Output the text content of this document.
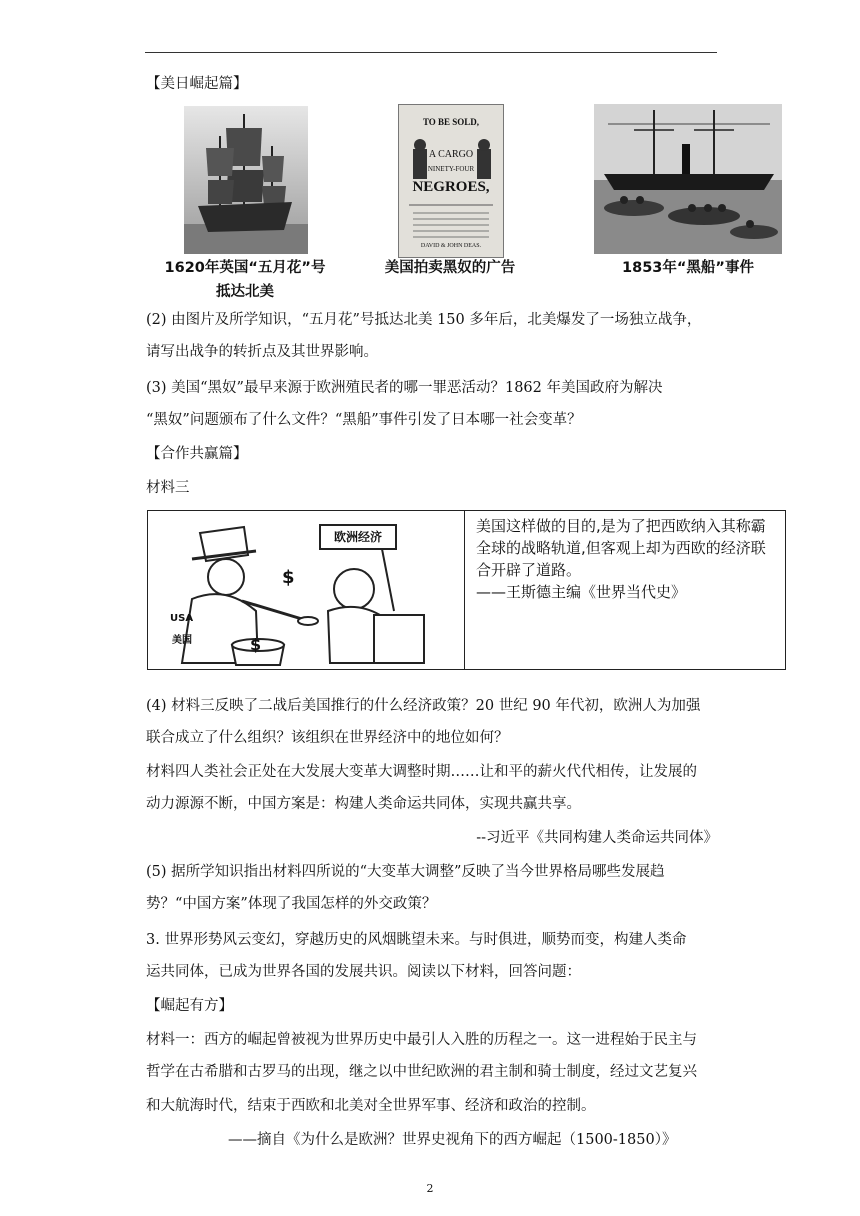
【美日崛起篇】
1620年英国“五月花”号
抵达北美
TO BE SOLD,
A CARGO
NINETY-FOUR
NEGROES,
DAVID & JOHN DEAS.
美国拍卖黑奴的广告	1853年“黑船”事件
(2) 由图片及所学知识，“五月花”号抵达北美 150 多年后，北美爆发了一场独立战争，
请写出战争的转折点及其世界影响。
(3) 美国“黑奴”最早来源于欧洲殖民者的哪一罪恶活动？1862 年美国政府为解决
“黑奴”问题颁布了什么文件？“黑船”事件引发了日本哪一社会变革？
【合作共赢篇】
材料三
欧洲经济
USA
美国
$
$
美国这样做的目的,是为了把西欧纳入其称霸全球的战略轨道,但客观上却为西欧的经济联合开辟了道路。
——王斯德主编《世界当代史》
(4) 材料三反映了二战后美国推行的什么经济政策？20 世纪 90 年代初，欧洲人为加强
联合成立了什么组织？该组织在世界经济中的地位如何？
材料四人类社会正处在大发展大变革大调整时期……让和平的薪火代代相传，让发展的
动力源源不断，中国方案是：构建人类命运共同体，实现共赢共享。
--习近平《共同构建人类命运共同体》
(5) 据所学知识指出材料四所说的“大变革大调整”反映了当今世界格局哪些发展趋
势？“中国方案”体现了我国怎样的外交政策？
3. 世界形势风云变幻，穿越历史的风烟眺望未来。与时俱进，顺势而变，构建人类命
运共同体，已成为世界各国的发展共识。阅读以下材料，回答问题：
【崛起有方】
材料一：西方的崛起曾被视为世界历史中最引人入胜的历程之一。这一进程始于民主与
哲学在古希腊和古罗马的出现，继之以中世纪欧洲的君主制和骑士制度，经过文艺复兴
和大航海时代，结束于西欧和北美对全世界军事、经济和政治的控制。
——摘自《为什么是欧洲？世界史视角下的西方崛起（1500-1850）》
2
